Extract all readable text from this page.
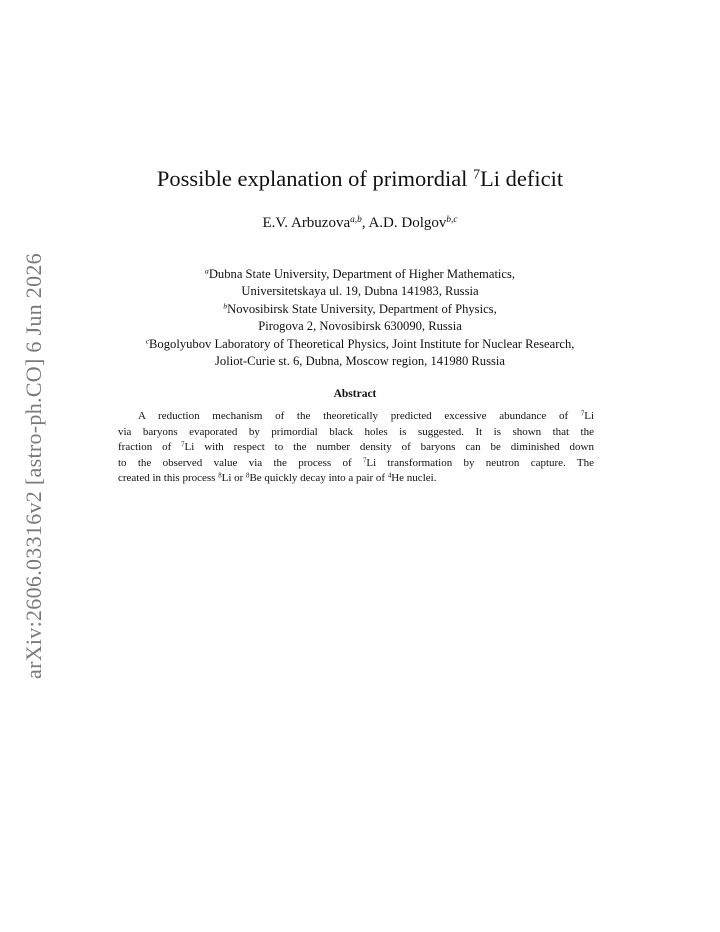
arXiv:2606.03316v2 [astro-ph.CO] 6 Jun 2026
Possible explanation of primordial $^7$Li deficit
E.V. Arbuzova$^{a,b}$, A.D. Dolgov$^{b,c}$
$^a$Dubna State University, Department of Higher Mathematics,
Universitetskaya ul. 19, Dubna 141983, Russia
$^b$Novosibirsk State University, Department of Physics,
Pirogova 2, Novosibirsk 630090, Russia
$^c$Bogolyubov Laboratory of Theoretical Physics, Joint Institute for Nuclear Research,
Joliot-Curie st. 6, Dubna, Moscow region, 141980 Russia
Abstract
A reduction mechanism of the theoretically predicted excessive abundance of $^7$Li
via baryons evaporated by primordial black holes is suggested. It is shown that the
fraction of $^7$Li with respect to the number density of baryons can be diminished down
to the observed value via the process of $^7$Li transformation by neutron capture. The
created in this process $^8$Li or $^8$Be quickly decay into a pair of $^4$He nuclei.
